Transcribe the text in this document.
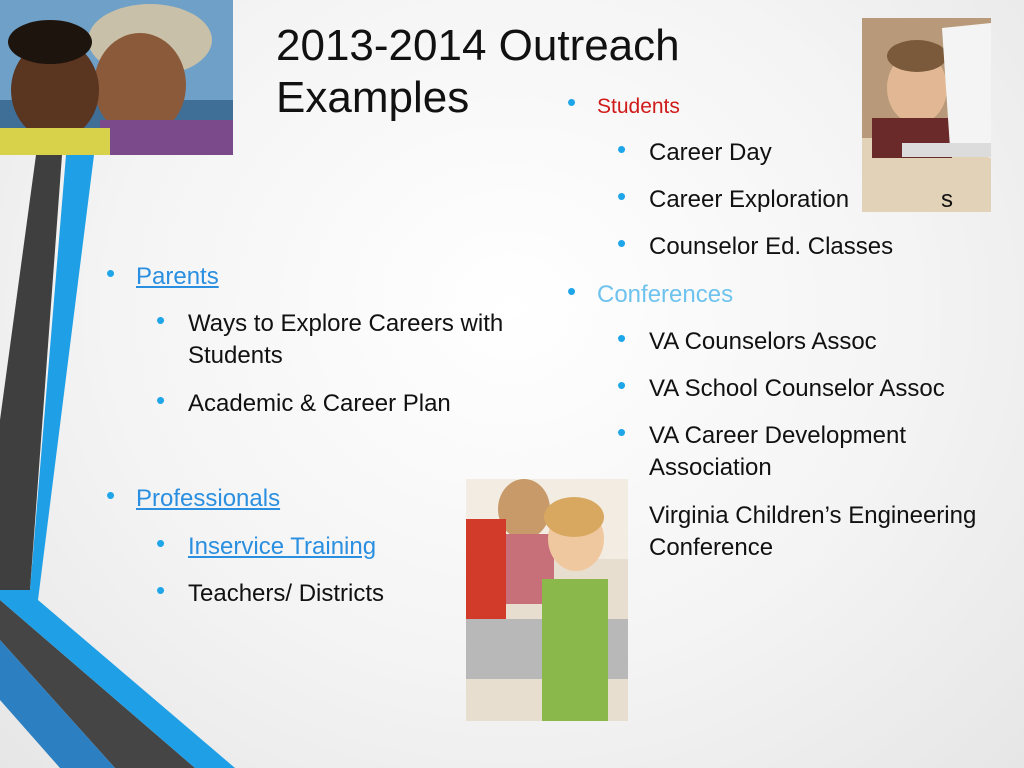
2013-2014 Outreach Examples
• Parents
• Ways to Explore Careers with Students
• Academic & Career Plan
• Professionals
• Inservice Training
• Teachers/ Districts
• Students
• Career Day
• Career Exploration	s
• Counselor Ed. Classes
• Conferences
• VA Counselors Assoc
• VA School Counselor Assoc
• VA Career Development Association
Virginia Children’s Engineering Conference
